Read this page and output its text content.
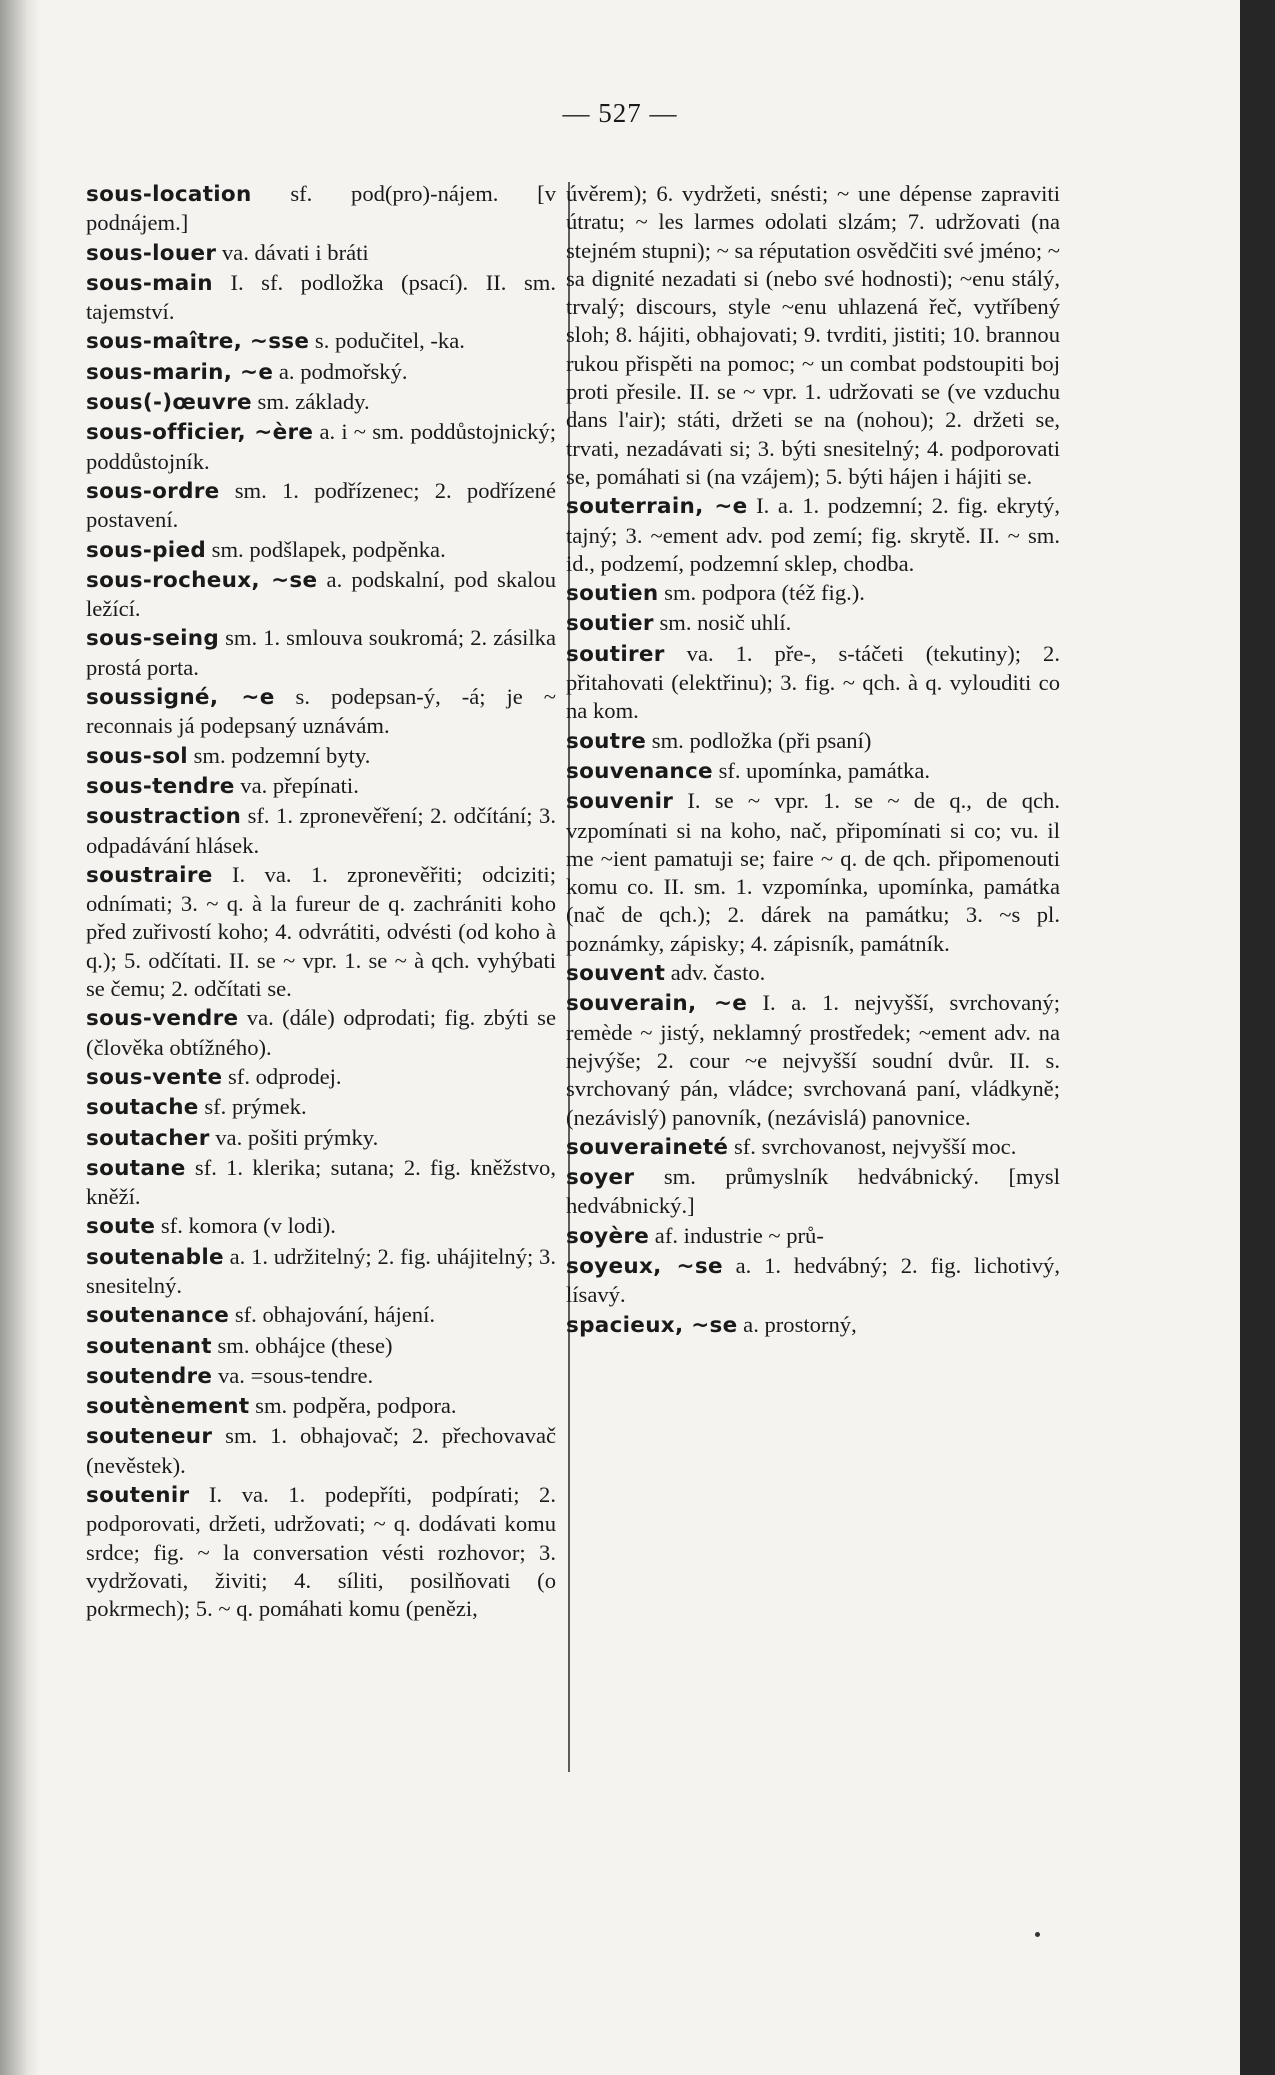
— 527 —

sous-location sf. pod(pro)-nájem. [v podnájem.]

sous-louer va. dávati i bráti

sous-main I. sf. podložka (psací). II. sm. tajemství.

sous-maître, ~sse s. podučitel, -ka.

sous-marin, ~e a. podmořský.

sous(-)œuvre sm. základy.

sous-officier, ~ère a. i ~ sm. poddůstojnický; poddůstojník.

sous-ordre sm. 1. podřízenec; 2. podřízené postavení.

sous-pied sm. podšlapek, podpěnka.

sous-rocheux, ~se a. podskalní, pod skalou ležící.

sous-seing sm. 1. smlouva soukromá; 2. zásilka prostá porta.

soussigné, ~e s. podepsan-ý, -á; je ~ reconnais já podepsaný uznávám.

sous-sol sm. podzemní byty.

sous-tendre va. přepínati.

soustraction sf. 1. zpronevěření; 2. odčítání; 3. odpadávání hlásek.

soustraire I. va. 1. zpronevěřiti; odciziti; odnímati; 3. ~ q. à la fureur de q. zachrániti koho před zuřivostí koho; 4. odvrátiti, odvésti (od koho à q.); 5. odčítati. II. se ~ vpr. 1. se ~ à qch. vyhýbati se čemu; 2. odčítati se.

sous-vendre va. (dále) odprodati; fig. zbýti se (člověka obtížného).

sous-vente sf. odprodej.

soutache sf. prýmek.

soutacher va. pošiti prýmky.

soutane sf. 1. klerika; sutana; 2. fig. kněžstvo, kněží.

soute sf. komora (v lodi).

soutenable a. 1. udržitelný; 2. fig. uhájitelný; 3. snesitelný.

soutenance sf. obhajování, hájení.

soutenant sm. obhájce (these)

soutendre va. =sous-tendre.

soutènement sm. podpěra, podpora.

souteneur sm. 1. obhajovač; 2. přechovavač (nevěstek).

soutenir I. va. 1. podepříti, podpírati; 2. podporovati, držeti, udržovati; ~ q. dodávati komu srdce; fig. ~ la conversation vésti rozhovor; 3. vydržovati, živiti; 4. síliti, posilňovati (o pokrmech); 5. ~ q. pomáhati komu (penězi,

úvěrem); 6. vydržeti, snésti; ~ une dépense zapraviti útratu; ~ les larmes odolati slzám; 7. udržovati (na stejném stupni); ~ sa réputation osvědčiti své jméno; ~ sa dignité nezadati si (nebo své hodnosti); ~enu stálý, trvalý; discours, style ~enu uhlazená řeč, vytříbený sloh; 8. hájiti, obhajovati; 9. tvrditi, jistiti; 10. brannou rukou přispěti na pomoc; ~ un combat podstoupiti boj proti přesile. II. se ~ vpr. 1. udržovati se (ve vzduchu dans l'air); státi, držeti se na (nohou); 2. držeti se, trvati, nezadávati si; 3. býti snesitelný; 4. podporovati se, pomáhati si (na vzájem); 5. býti hájen i hájiti se.

souterrain, ~e I. a. 1. podzemní; 2. fig. ekrytý, tajný; 3. ~ement adv. pod zemí; fig. skrytě. II. ~ sm. id., podzemí, podzemní sklep, chodba.

soutien sm. podpora (též fig.).

soutier sm. nosič uhlí.

soutirer va. 1. pře-, s-táčeti (tekutiny); 2. přitahovati (elektřinu); 3. fig. ~ qch. à q. vylouditi co na kom.

soutre sm. podložka (při psaní)

souvenance sf. upomínka, památka.

souvenir I. se ~ vpr. 1. se ~ de q., de qch. vzpomínati si na koho, nač, připomínati si co; vu. il me ~ient pamatuji se; faire ~ q. de qch. připomenouti komu co. II. sm. 1. vzpomínka, upomínka, památka (nač de qch.); 2. dárek na památku; 3. ~s pl. poznámky, zápisky; 4. zápisník, památník.

souvent adv. často.

souverain, ~e I. a. 1. nejvyšší, svrchovaný; remède ~ jistý, neklamný prostředek; ~ement adv. na nejvýše; 2. cour ~e nejvyšší soudní dvůr. II. s. svrchovaný pán, vládce; svrchovaná paní, vládkyně; (nezávislý) panovník, (nezávislá) panovnice.

souveraineté sf. svrchovanost, nejvyšší moc.

soyer sm. průmyslník hedvábnický. [mysl hedvábnický.]

soyère af. industrie ~ prů-

soyeux, ~se a. 1. hedvábný; 2. fig. lichotivý, lísavý.

spacieux, ~se a. prostorný,
